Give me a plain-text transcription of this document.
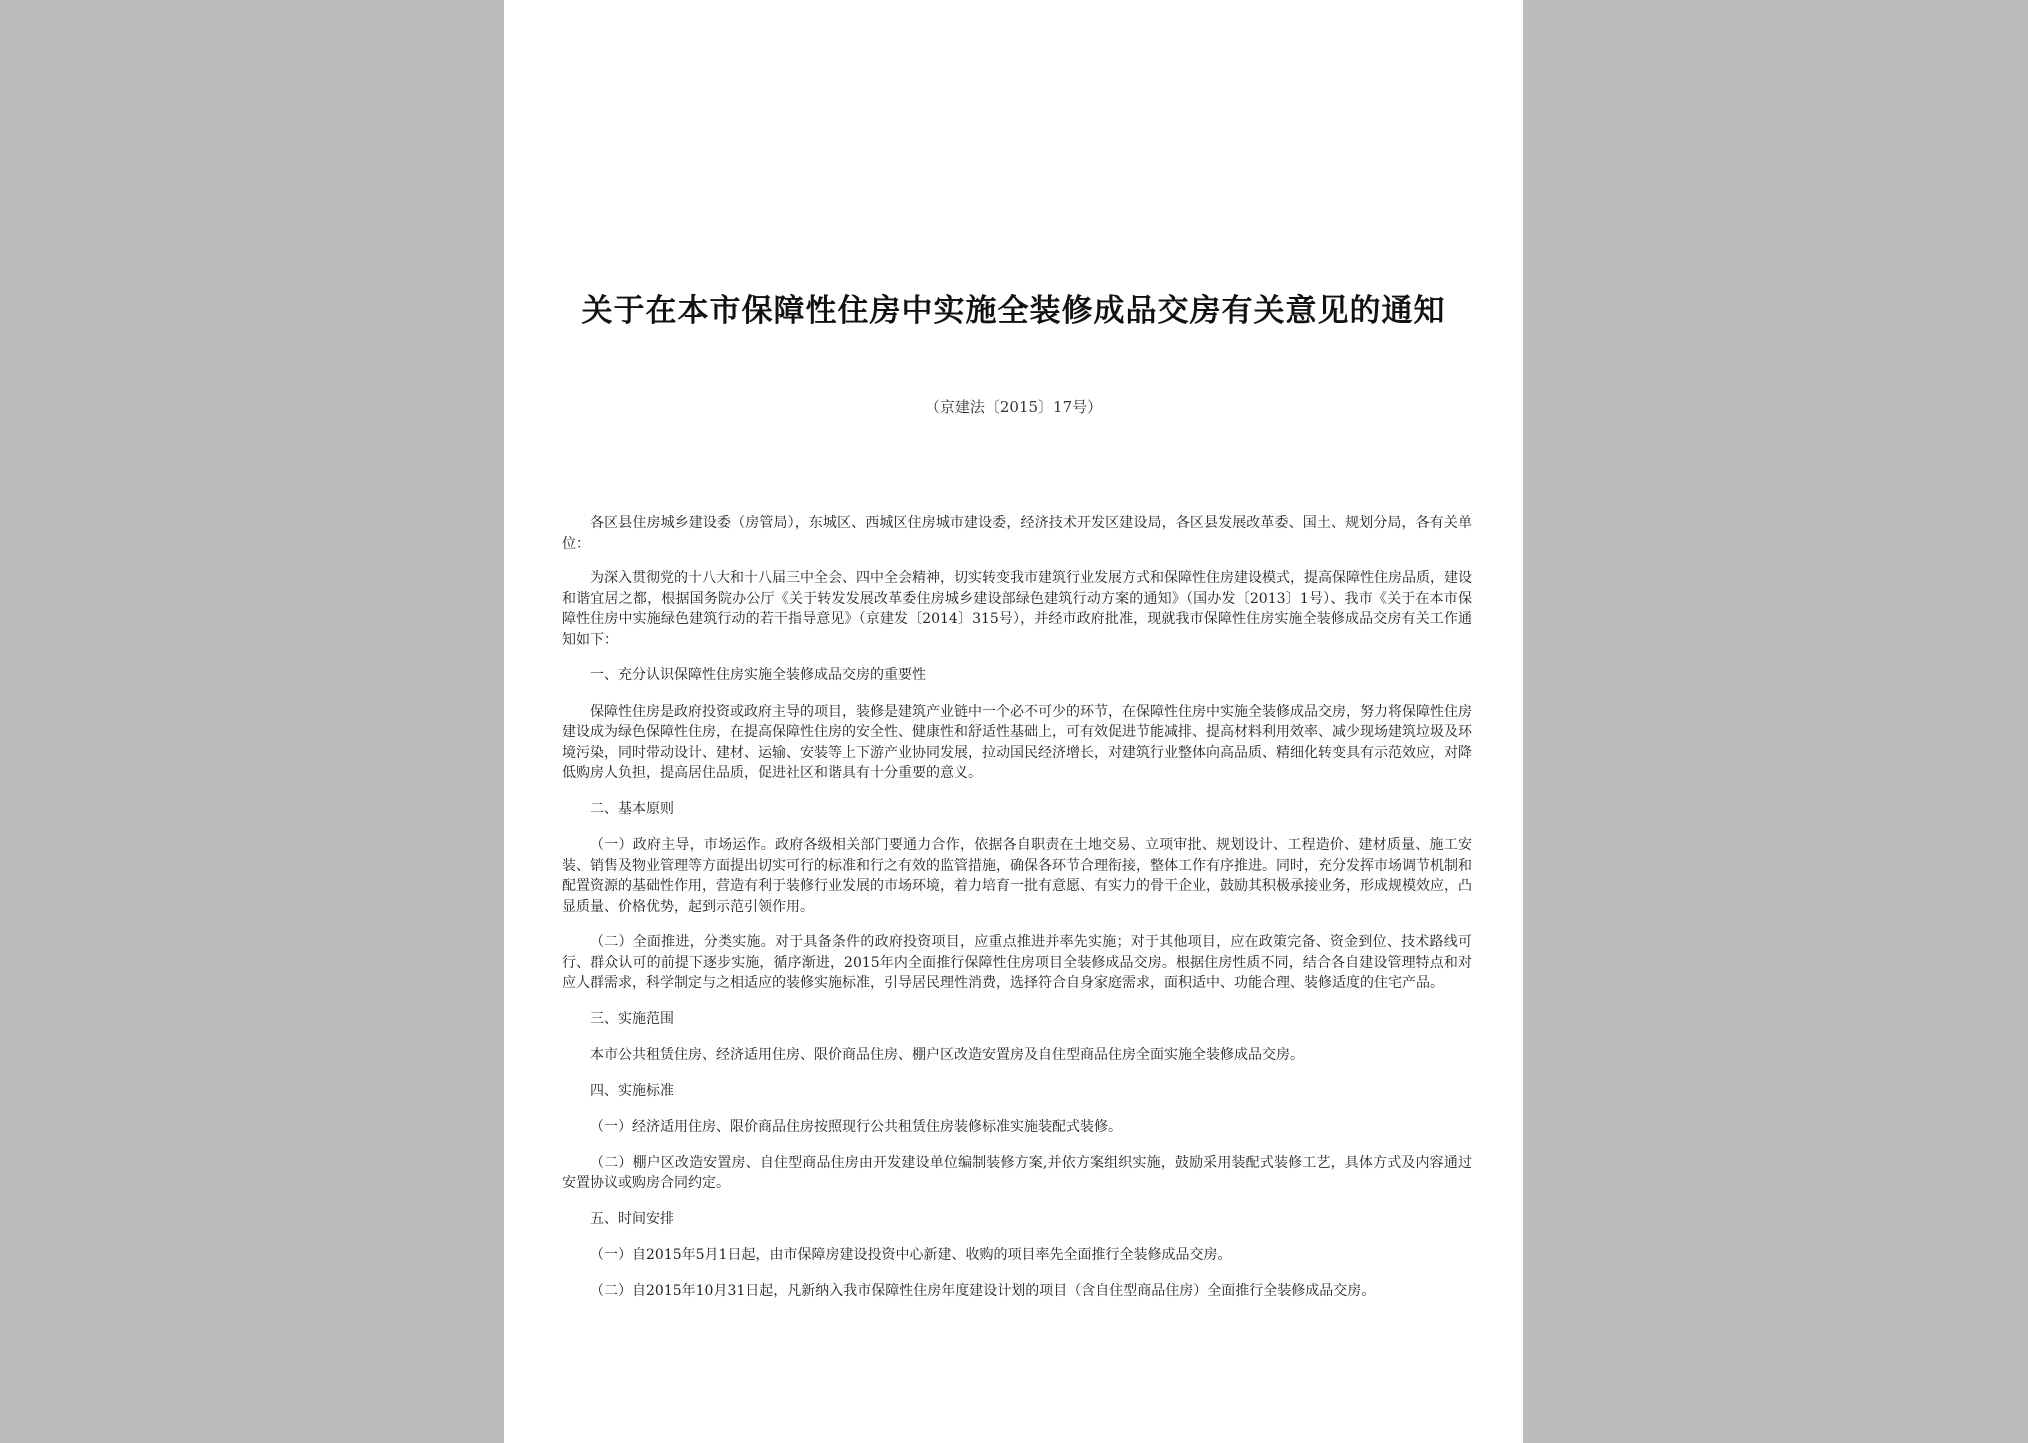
关于在本市保障性住房中实施全装修成品交房有关意见的通知
（京建法〔2015〕17号）

各区县住房城乡建设委（房管局），东城区、西城区住房城市建设委，经济技术开发区建设局，各区县发展改革委、国土、规划分局，各有关单位：

为深入贯彻党的十八大和十八届三中全会、四中全会精神，切实转变我市建筑行业发展方式和保障性住房建设模式，提高保障性住房品质，建设和谐宜居之都，根据国务院办公厅《关于转发发展改革委住房城乡建设部绿色建筑行动方案的通知》（国办发〔2013〕1号）、我市《关于在本市保障性住房中实施绿色建筑行动的若干指导意见》（京建发〔2014〕315号），并经市政府批准，现就我市保障性住房实施全装修成品交房有关工作通知如下：

一、充分认识保障性住房实施全装修成品交房的重要性

保障性住房是政府投资或政府主导的项目，装修是建筑产业链中一个必不可少的环节，在保障性住房中实施全装修成品交房，努力将保障性住房建设成为绿色保障性住房，在提高保障性住房的安全性、健康性和舒适性基础上，可有效促进节能减排、提高材料利用效率、减少现场建筑垃圾及环境污染，同时带动设计、建材、运输、安装等上下游产业协同发展，拉动国民经济增长，对建筑行业整体向高品质、精细化转变具有示范效应，对降低购房人负担，提高居住品质，促进社区和谐具有十分重要的意义。

二、基本原则

（一）政府主导，市场运作。政府各级相关部门要通力合作，依据各自职责在土地交易、立项审批、规划设计、工程造价、建材质量、施工安装、销售及物业管理等方面提出切实可行的标准和行之有效的监管措施，确保各环节合理衔接，整体工作有序推进。同时，充分发挥市场调节机制和配置资源的基础性作用，营造有利于装修行业发展的市场环境，着力培育一批有意愿、有实力的骨干企业，鼓励其积极承接业务，形成规模效应，凸显质量、价格优势，起到示范引领作用。

（二）全面推进，分类实施。对于具备条件的政府投资项目，应重点推进并率先实施；对于其他项目，应在政策完备、资金到位、技术路线可行、群众认可的前提下逐步实施，循序渐进，2015年内全面推行保障性住房项目全装修成品交房。根据住房性质不同，结合各自建设管理特点和对应人群需求，科学制定与之相适应的装修实施标准，引导居民理性消费，选择符合自身家庭需求，面积适中、功能合理、装修适度的住宅产品。

三、实施范围

本市公共租赁住房、经济适用住房、限价商品住房、棚户区改造安置房及自住型商品住房全面实施全装修成品交房。

四、实施标准

（一）经济适用住房、限价商品住房按照现行公共租赁住房装修标准实施装配式装修。

（二）棚户区改造安置房、自住型商品住房由开发建设单位编制装修方案,并依方案组织实施，鼓励采用装配式装修工艺，具体方式及内容通过安置协议或购房合同约定。

五、时间安排

（一）自2015年5月1日起，由市保障房建设投资中心新建、收购的项目率先全面推行全装修成品交房。

（二）自2015年10月31日起，凡新纳入我市保障性住房年度建设计划的项目（含自住型商品住房）全面推行全装修成品交房。
